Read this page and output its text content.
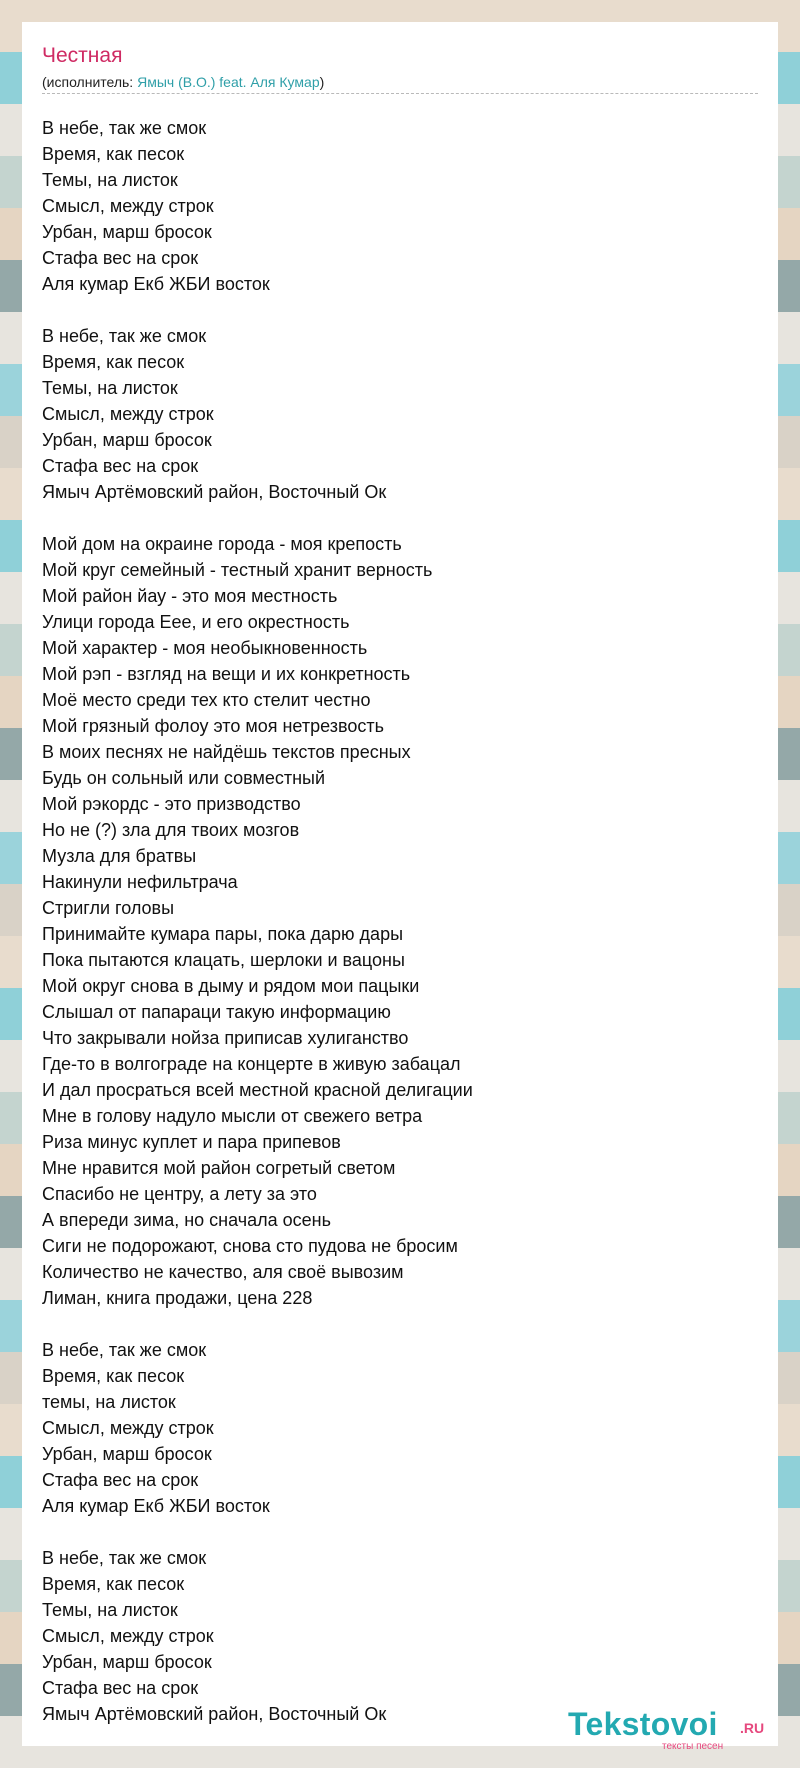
Честная
(исполнитель: Ямыч (В.О.) feat. Аля Кумар)
В небе, так же смок
Время, как песок
Темы, на листок
Смысл, между строк
Урбан, марш бросок
Стафа вес на срок
Аля кумар Екб ЖБИ восток
В небе, так же смок
Время, как песок
Темы, на листок
Смысл, между строк
Урбан, марш бросок
Стафа вес на срок
Ямыч Артёмовский район, Восточный Ок
Мой дом на окраине города - моя крепость
Мой круг семейный - тестный хранит верность
Мой район йау - это моя местность
Улици города Еее, и его окрестность
Мой характер - моя необыкновенность
Мой рэп - взгляд на вещи и их конкретность
Моё место среди тех кто стелит честно
Мой грязный фолоу это моя нетрезвость
В моих песнях не найдёшь текстов пресных
Будь он сольный или совместный
Мой рэкордс - это призводство
Но не (?) зла для твоих мозгов
Музла для братвы
Накинули нефильтрача
Стригли головы
Принимайте кумара пары, пока дарю дары
Пока пытаются клацать, шерлоки и вацоны
Мой округ снова в дыму и рядом мои пацыки
Слышал от папараци такую информацию
Что закрывали нойза приписав хулиганство
Где-то в волгограде на концерте в живую забацал
И дал просраться всей местной красной делигации
Мне в голову надуло мысли от свежего ветра
Риза минус куплет и пара припевов
Мне нравится мой район согретый светом
Спасибо не центру, а лету за это
А впереди зима, но сначала осень
Сиги не подорожают, снова сто пудова не бросим
Количество не качество, аля своё вывозим
Лиман, книга продажи, цена 228
В небе, так же смок
Время, как песок
темы, на листок
Смысл, между строк
Урбан, марш бросок
Стафа вес на срок
Аля кумар Екб ЖБИ восток
В небе, так же смок
Время, как песок
Темы, на листок
Смысл, между строк
Урбан, марш бросок
Стафа вес на срок
Ямыч Артёмовский район, Восточный Ок	Tekstovoi .RU
тексты песен
